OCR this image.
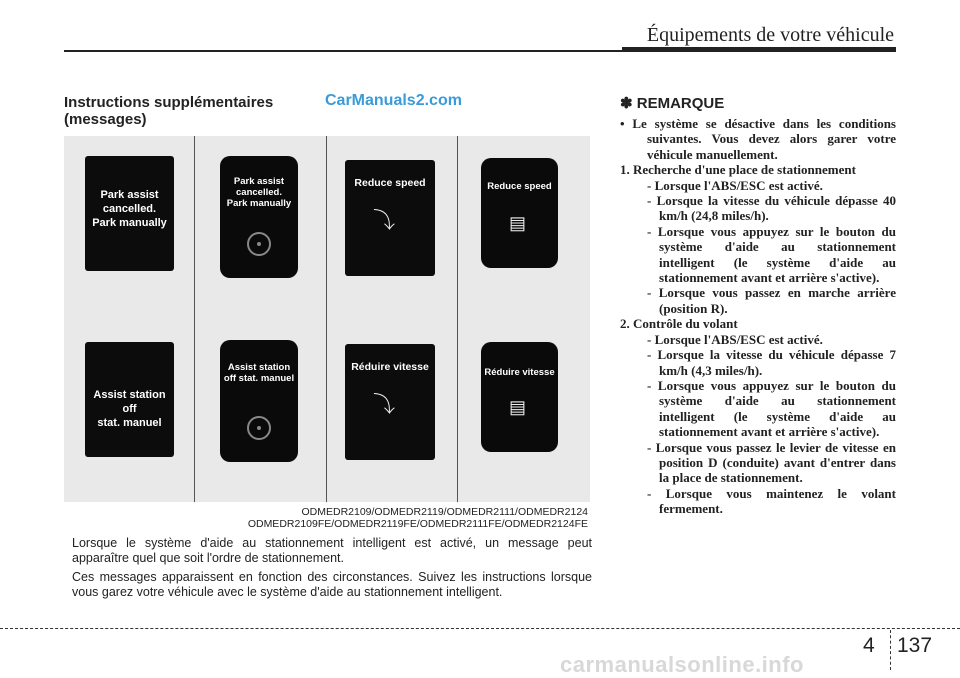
Équipements de votre véhicule
Instructions supplémentaires
(messages)
CarManuals2.com
Park assist
cancelled.
Park manually
Park assist
cancelled.
Park manually
Reduce speed
⤵
Reduce speed
▤
Assist station off
stat. manuel
Assist station
off stat. manuel
Réduire vitesse
⤵
Réduire vitesse
▤
ODMEDR2109/ODMEDR2119/ODMEDR2111/ODMEDR2124
ODMEDR2109FE/ODMEDR2119FE/ODMEDR2111FE/ODMEDR2124FE
Lorsque le système d'aide au stationnement intelligent est activé, un message peut apparaître quel que soit l'ordre de stationnement.
Ces messages apparaissent en fonction des circonstances. Suivez les instructions lorsque vous garez votre véhicule avec le système d'aide au stationnement intelligent.
✽ REMARQUE
• Le système se désactive dans les conditions suivantes. Vous devez alors garer votre véhicule manuellement.
1. Recherche d'une place de stationnement
- Lorsque l'ABS/ESC est activé.
- Lorsque la vitesse du véhicule dépasse 40 km/h (24,8 miles/h).
- Lorsque vous appuyez sur le bouton du système d'aide au stationnement intelligent (le système d'aide au stationnement avant et arrière s'active).
- Lorsque vous passez en marche arrière (position R).
2. Contrôle du volant
- Lorsque l'ABS/ESC est activé.
- Lorsque la vitesse du véhicule dépasse 7 km/h (4,3 miles/h).
- Lorsque vous appuyez sur le bouton du système d'aide au stationnement intelligent (le système d'aide au stationnement avant et arrière s'active).
- Lorsque vous passez le levier de vitesse en position D (conduite) avant d'entrer dans la place de stationnement.
- Lorsque vous maintenez le volant fermement.
4 137
carmanualsonline.info
